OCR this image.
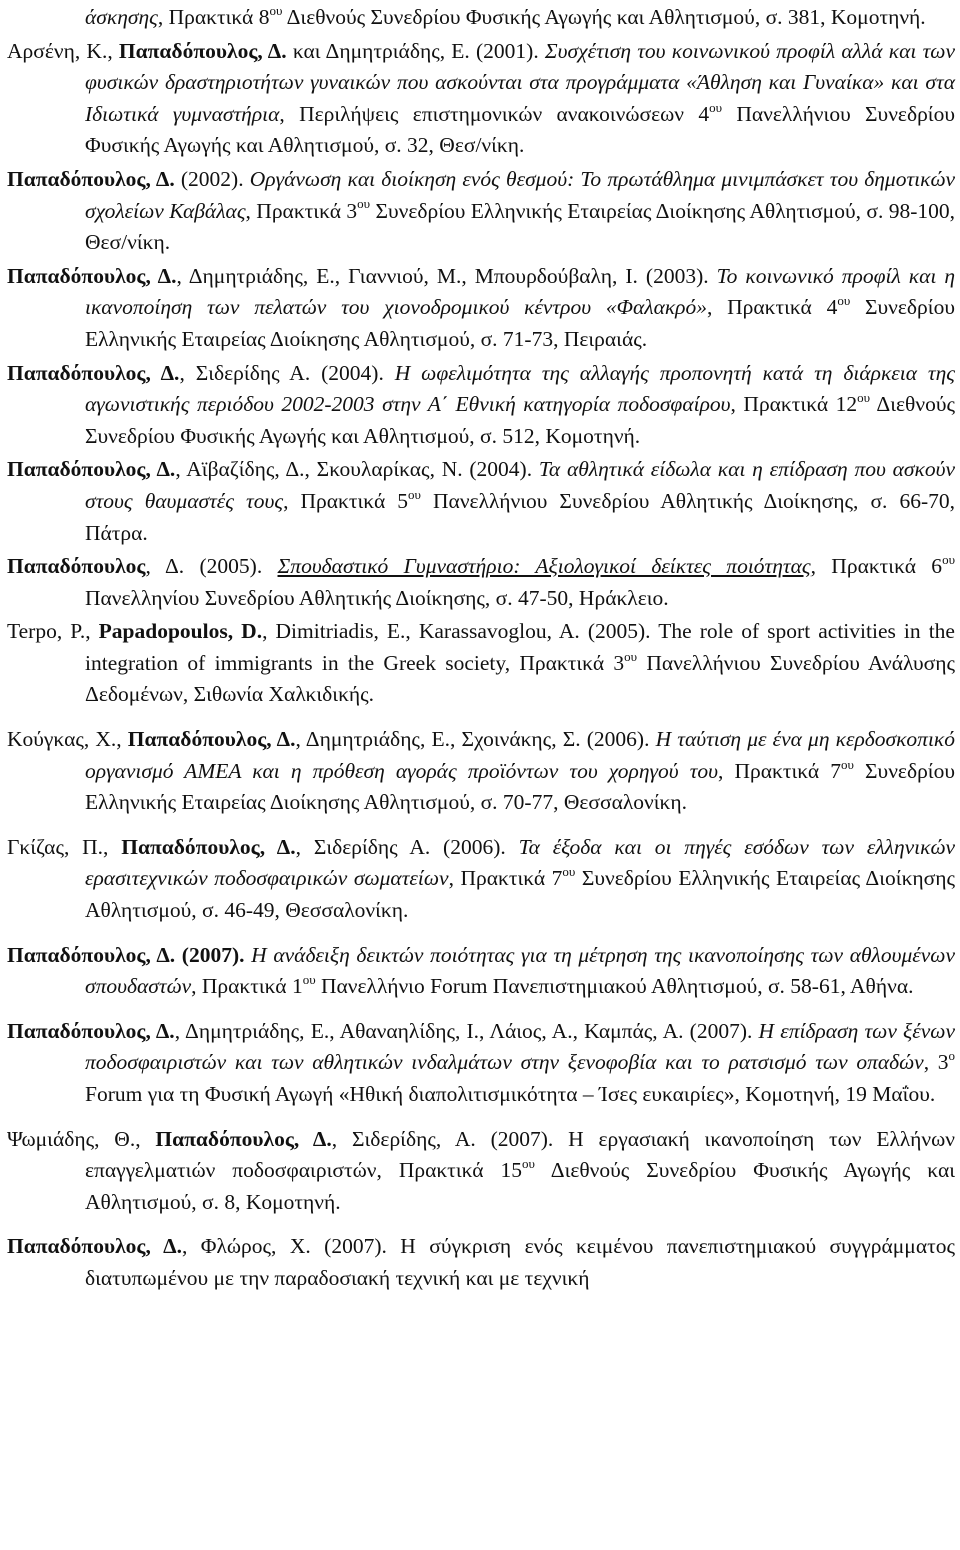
άσκησης, Πρακτικά $8^{o\upsilon}$ Διεθνούς Συνεδρίου Φυσικής Αγωγής και Αθλητισμού, σ. 381, Κομοτηνή.
Αρσένη, Κ., Παπαδόπουλος, Δ. και Δημητριάδης, Ε. (2001). Συσχέτιση του κοινωνικού προφίλ αλλά και των φυσικών δραστηριοτήτων γυναικών που ασκούνται στα προγράμματα «Άθληση και Γυναίκα» και στα Ιδιωτικά γυμναστήρια, Περιλήψεις επιστημονικών ανακοινώσεων $4^{o\upsilon}$ Πανελλήνιου Συνεδρίου Φυσικής Αγωγής και Αθλητισμού, σ. 32, Θεσ/νίκη.
Παπαδόπουλος, Δ. (2002). Οργάνωση και διοίκηση ενός θεσμού: Το πρωτάθλημα μινιμπάσκετ του δημοτικών σχολείων Καβάλας, Πρακτικά $3^{o\upsilon}$ Συνεδρίου Ελληνικής Εταιρείας Διοίκησης Αθλητισμού, σ. 98-100, Θεσ/νίκη.
Παπαδόπουλος, Δ., Δημητριάδης, Ε., Γιαννιού, Μ., Μπουρδούβαλη, Ι. (2003). Το κοινωνικό προφίλ και η ικανοποίηση των πελατών του χιονοδρομικού κέντρου «Φαλακρό», Πρακτικά $4^{o\upsilon}$ Συνεδρίου Ελληνικής Εταιρείας Διοίκησης Αθλητισμού, σ. 71-73, Πειραιάς.
Παπαδόπουλος, Δ., Σιδερίδης Α. (2004). Η ωφελιμότητα της αλλαγής προπονητή κατά τη διάρκεια της αγωνιστικής περιόδου 2002-2003 στην Α΄ Εθνική κατηγορία ποδοσφαίρου, Πρακτικά $12^{o\upsilon}$ Διεθνούς Συνεδρίου Φυσικής Αγωγής και Αθλητισμού, σ. 512, Κομοτηνή.
Παπαδόπουλος, Δ., Αϊβαζίδης, Δ., Σκουλαρίκας, Ν. (2004). Τα αθλητικά είδωλα και η επίδραση που ασκούν στους θαυμαστές τους, Πρακτικά $5^{o\upsilon}$ Πανελλήνιου Συνεδρίου Αθλητικής Διοίκησης, σ. 66-70, Πάτρα.
Παπαδόπουλος, Δ. (2005). Σπουδαστικό Γυμναστήριο: Αξιολογικοί δείκτες ποιότητας, Πρακτικά $6^{o\upsilon}$ Πανελληνίου Συνεδρίου Αθλητικής Διοίκησης, σ. 47-50, Ηράκλειο.
Terpo, P., Papadopoulos, D., Dimitriadis, E., Karassavoglou, A. (2005). The role of sport activities in the integration of immigrants in the Greek society, Πρακτικά $3^{o\upsilon}$ Πανελλήνιου Συνεδρίου Ανάλυσης Δεδομένων, Σιθωνία Χαλκιδικής.
Κούγκας, Χ., Παπαδόπουλος, Δ., Δημητριάδης, Ε., Σχοινάκης, Σ. (2006). Η ταύτιση με ένα μη κερδοσκοπικό οργανισμό ΑΜΕΑ και η πρόθεση αγοράς προϊόντων του χορηγού του, Πρακτικά $7^{o\upsilon}$ Συνεδρίου Ελληνικής Εταιρείας Διοίκησης Αθλητισμού, σ. 70-77, Θεσσαλονίκη.
Γκίζας, Π., Παπαδόπουλος, Δ., Σιδερίδης Α. (2006). Τα έξοδα και οι πηγές εσόδων των ελληνικών ερασιτεχνικών ποδοσφαιρικών σωματείων, Πρακτικά $7^{o\upsilon}$ Συνεδρίου Ελληνικής Εταιρείας Διοίκησης Αθλητισμού, σ. 46-49, Θεσσαλονίκη.
Παπαδόπουλος, Δ. (2007). Η ανάδειξη δεικτών ποιότητας για τη μέτρηση της ικανοποίησης των αθλουμένων σπουδαστών, Πρακτικά $1^{o\upsilon}$ Πανελλήνιο Forum Πανεπιστημιακού Αθλητισμού, σ. 58-61, Αθήνα.
Παπαδόπουλος, Δ., Δημητριάδης, Ε., Αθαναηλίδης, Ι., Λάιος, Α., Καμπάς, Α. (2007). Η επίδραση των ξένων ποδοσφαιριστών και των αθλητικών ινδαλμάτων στην ξενοφοβία και το ρατσισμό των οπαδών, $3^o$ Forum για τη Φυσική Αγωγή «Ηθική διαπολιτισμικότητα – Ίσες ευκαιρίες», Κομοτηνή, 19 Μαΐου.
Ψωμιάδης, Θ., Παπαδόπουλος, Δ., Σιδερίδης, Α. (2007). Η εργασιακή ικανοποίηση των Ελλήνων επαγγελματιών ποδοσφαιριστών, Πρακτικά $15^{o\upsilon}$ Διεθνούς Συνεδρίου Φυσικής Αγωγής και Αθλητισμού, σ. 8, Κομοτηνή.
Παπαδόπουλος, Δ., Φλώρος, Χ. (2007). Η σύγκριση ενός κειμένου πανεπιστημιακού συγγράμματος διατυπωμένου με την παραδοσιακή τεχνική και με τεχνική
